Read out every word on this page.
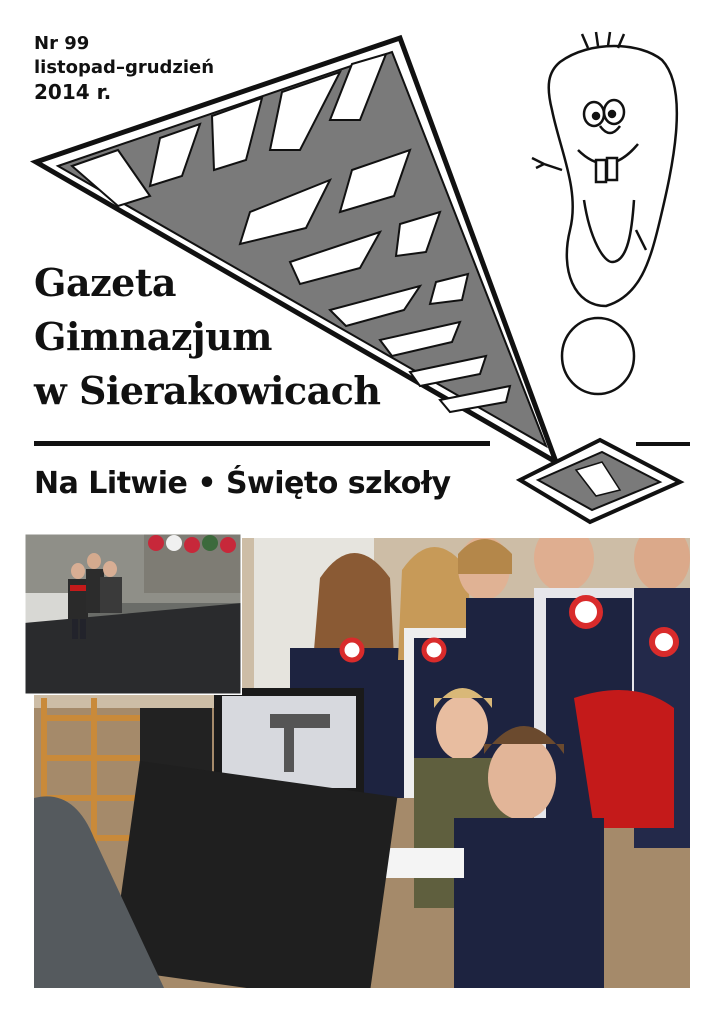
Nr 99
listopad–grudzień
2014 r.
Gazeta
Gimnazjum
w Sierakowicach
Na Litwie • Święto szkoły
